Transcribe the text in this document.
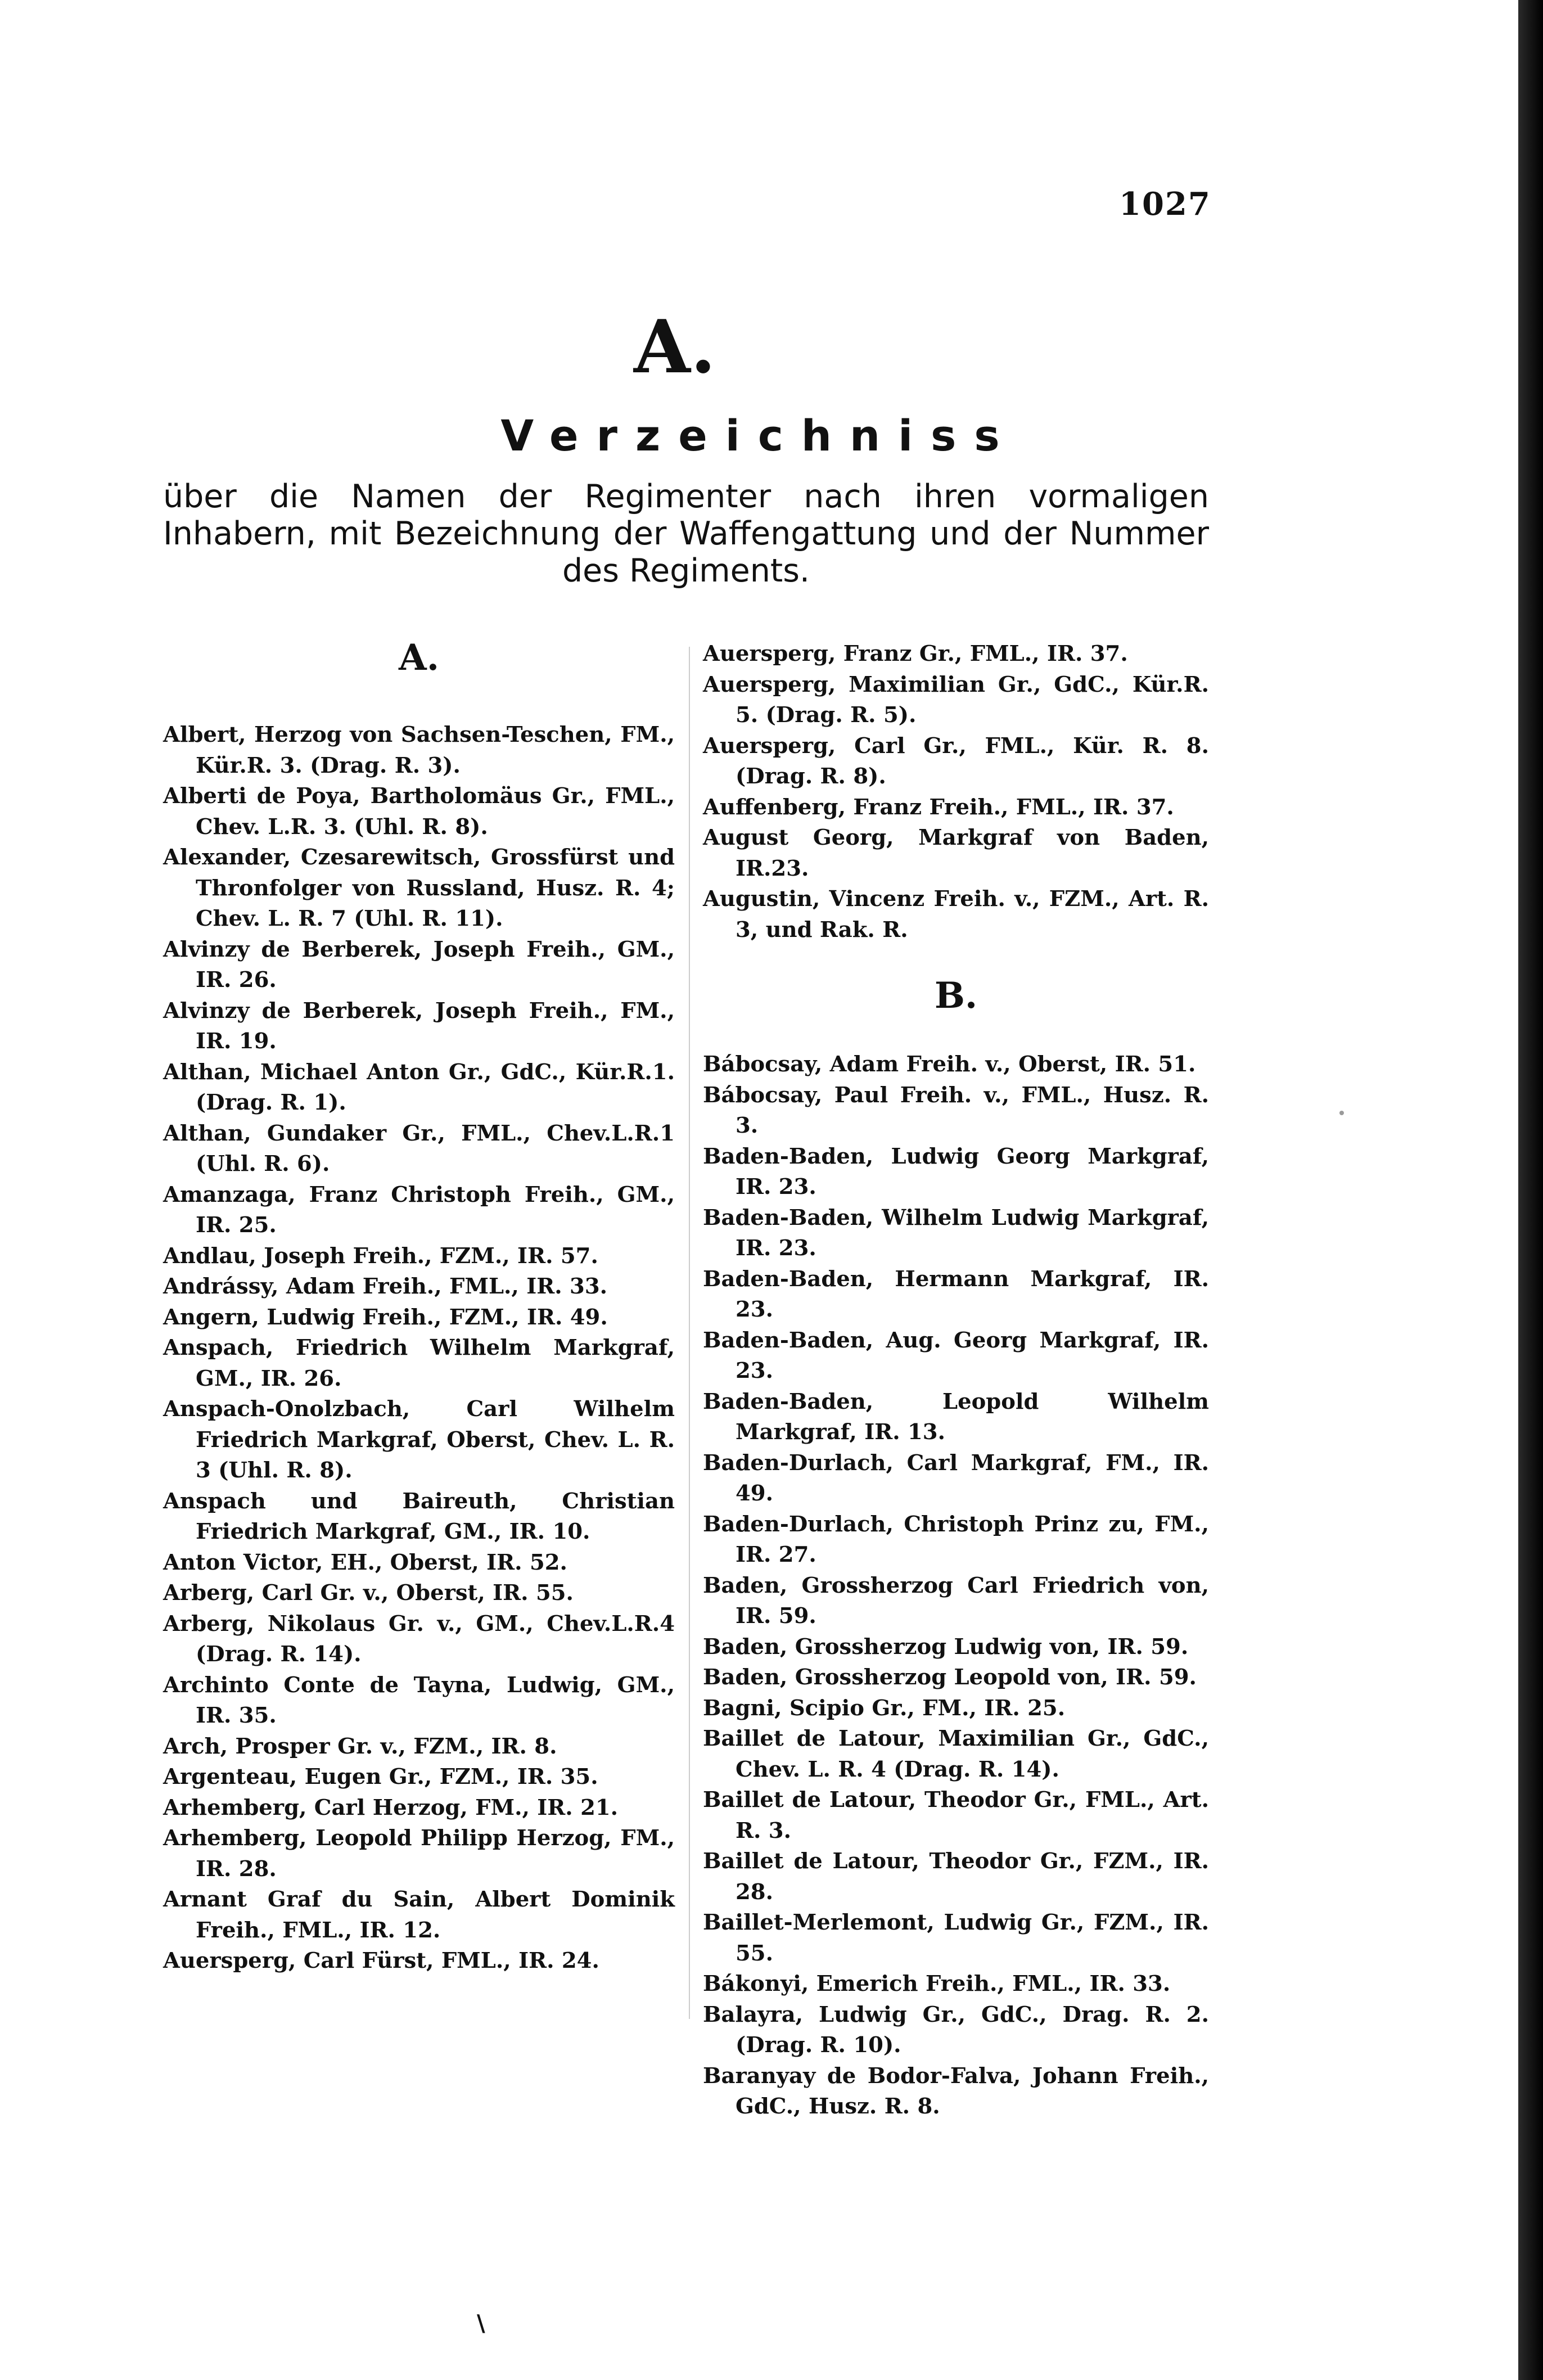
1027
A.
Verzeichniss
über die Namen der Regimenter nach ihren vormaligen Inhabern, mit Bezeichnung der Waffengattung und der Nummer des Regiments.
A.

Albert, Herzog von Sachsen-Teschen, FM., Kür.R. 3. (Drag. R. 3).

Alberti de Poya, Bartholomäus Gr., FML., Chev. L.R. 3. (Uhl. R. 8).

Alexander, Czesarewitsch, Grossfürst und Thronfolger von Russland, Husz. R. 4; Chev. L. R. 7 (Uhl. R. 11).

Alvinzy de Berberek, Joseph Freih., GM., IR. 26.

Alvinzy de Berberek, Joseph Freih., FM., IR. 19.

Althan, Michael Anton Gr., GdC., Kür.R.1. (Drag. R. 1).

Althan, Gundaker Gr., FML., Chev.L.R.1 (Uhl. R. 6).

Amanzaga, Franz Christoph Freih., GM., IR. 25.

Andlau, Joseph Freih., FZM., IR. 57.

Andrássy, Adam Freih., FML., IR. 33.

Angern, Ludwig Freih., FZM., IR. 49.

Anspach, Friedrich Wilhelm Markgraf, GM., IR. 26.

Anspach-Onolzbach, Carl Wilhelm Friedrich Markgraf, Oberst, Chev. L. R. 3 (Uhl. R. 8).

Anspach und Baireuth, Christian Friedrich Markgraf, GM., IR. 10.

Anton Victor, EH., Oberst, IR. 52.

Arberg, Carl Gr. v., Oberst, IR. 55.

Arberg, Nikolaus Gr. v., GM., Chev.L.R.4 (Drag. R. 14).

Archinto Conte de Tayna, Ludwig, GM., IR. 35.

Arch, Prosper Gr. v., FZM., IR. 8.

Argenteau, Eugen Gr., FZM., IR. 35.

Arhemberg, Carl Herzog, FM., IR. 21.

Arhemberg, Leopold Philipp Herzog, FM., IR. 28.

Arnant Graf du Sain, Albert Dominik Freih., FML., IR. 12.

Auersperg, Carl Fürst, FML., IR. 24.

Auersperg, Franz Gr., FML., IR. 37.

Auersperg, Maximilian Gr., GdC., Kür.R. 5. (Drag. R. 5).

Auersperg, Carl Gr., FML., Kür. R. 8. (Drag. R. 8).

Auffenberg, Franz Freih., FML., IR. 37.

August Georg, Markgraf von Baden, IR.23.

Augustin, Vincenz Freih. v., FZM., Art. R. 3, und Rak. R.

B.

Bábocsay, Adam Freih. v., Oberst, IR. 51.

Bábocsay, Paul Freih. v., FML., Husz. R. 3.

Baden-Baden, Ludwig Georg Markgraf, IR. 23.

Baden-Baden, Wilhelm Ludwig Markgraf, IR. 23.

Baden-Baden, Hermann Markgraf, IR. 23.

Baden-Baden, Aug. Georg Markgraf, IR. 23.

Baden-Baden, Leopold Wilhelm Markgraf, IR. 13.

Baden-Durlach, Carl Markgraf, FM., IR. 49.

Baden-Durlach, Christoph Prinz zu, FM., IR. 27.

Baden, Grossherzog Carl Friedrich von, IR. 59.

Baden, Grossherzog Ludwig von, IR. 59.

Baden, Grossherzog Leopold von, IR. 59.

Bagni, Scipio Gr., FM., IR. 25.

Baillet de Latour, Maximilian Gr., GdC., Chev. L. R. 4 (Drag. R. 14).

Baillet de Latour, Theodor Gr., FML., Art. R. 3.

Baillet de Latour, Theodor Gr., FZM., IR. 28.

Baillet-Merlemont, Ludwig Gr., FZM., IR. 55.

Bákonyi, Emerich Freih., FML., IR. 33.

Balayra, Ludwig Gr., GdC., Drag. R. 2. (Drag. R. 10).

Baranyay de Bodor-Falva, Johann Freih., GdC., Husz. R. 8.

\
